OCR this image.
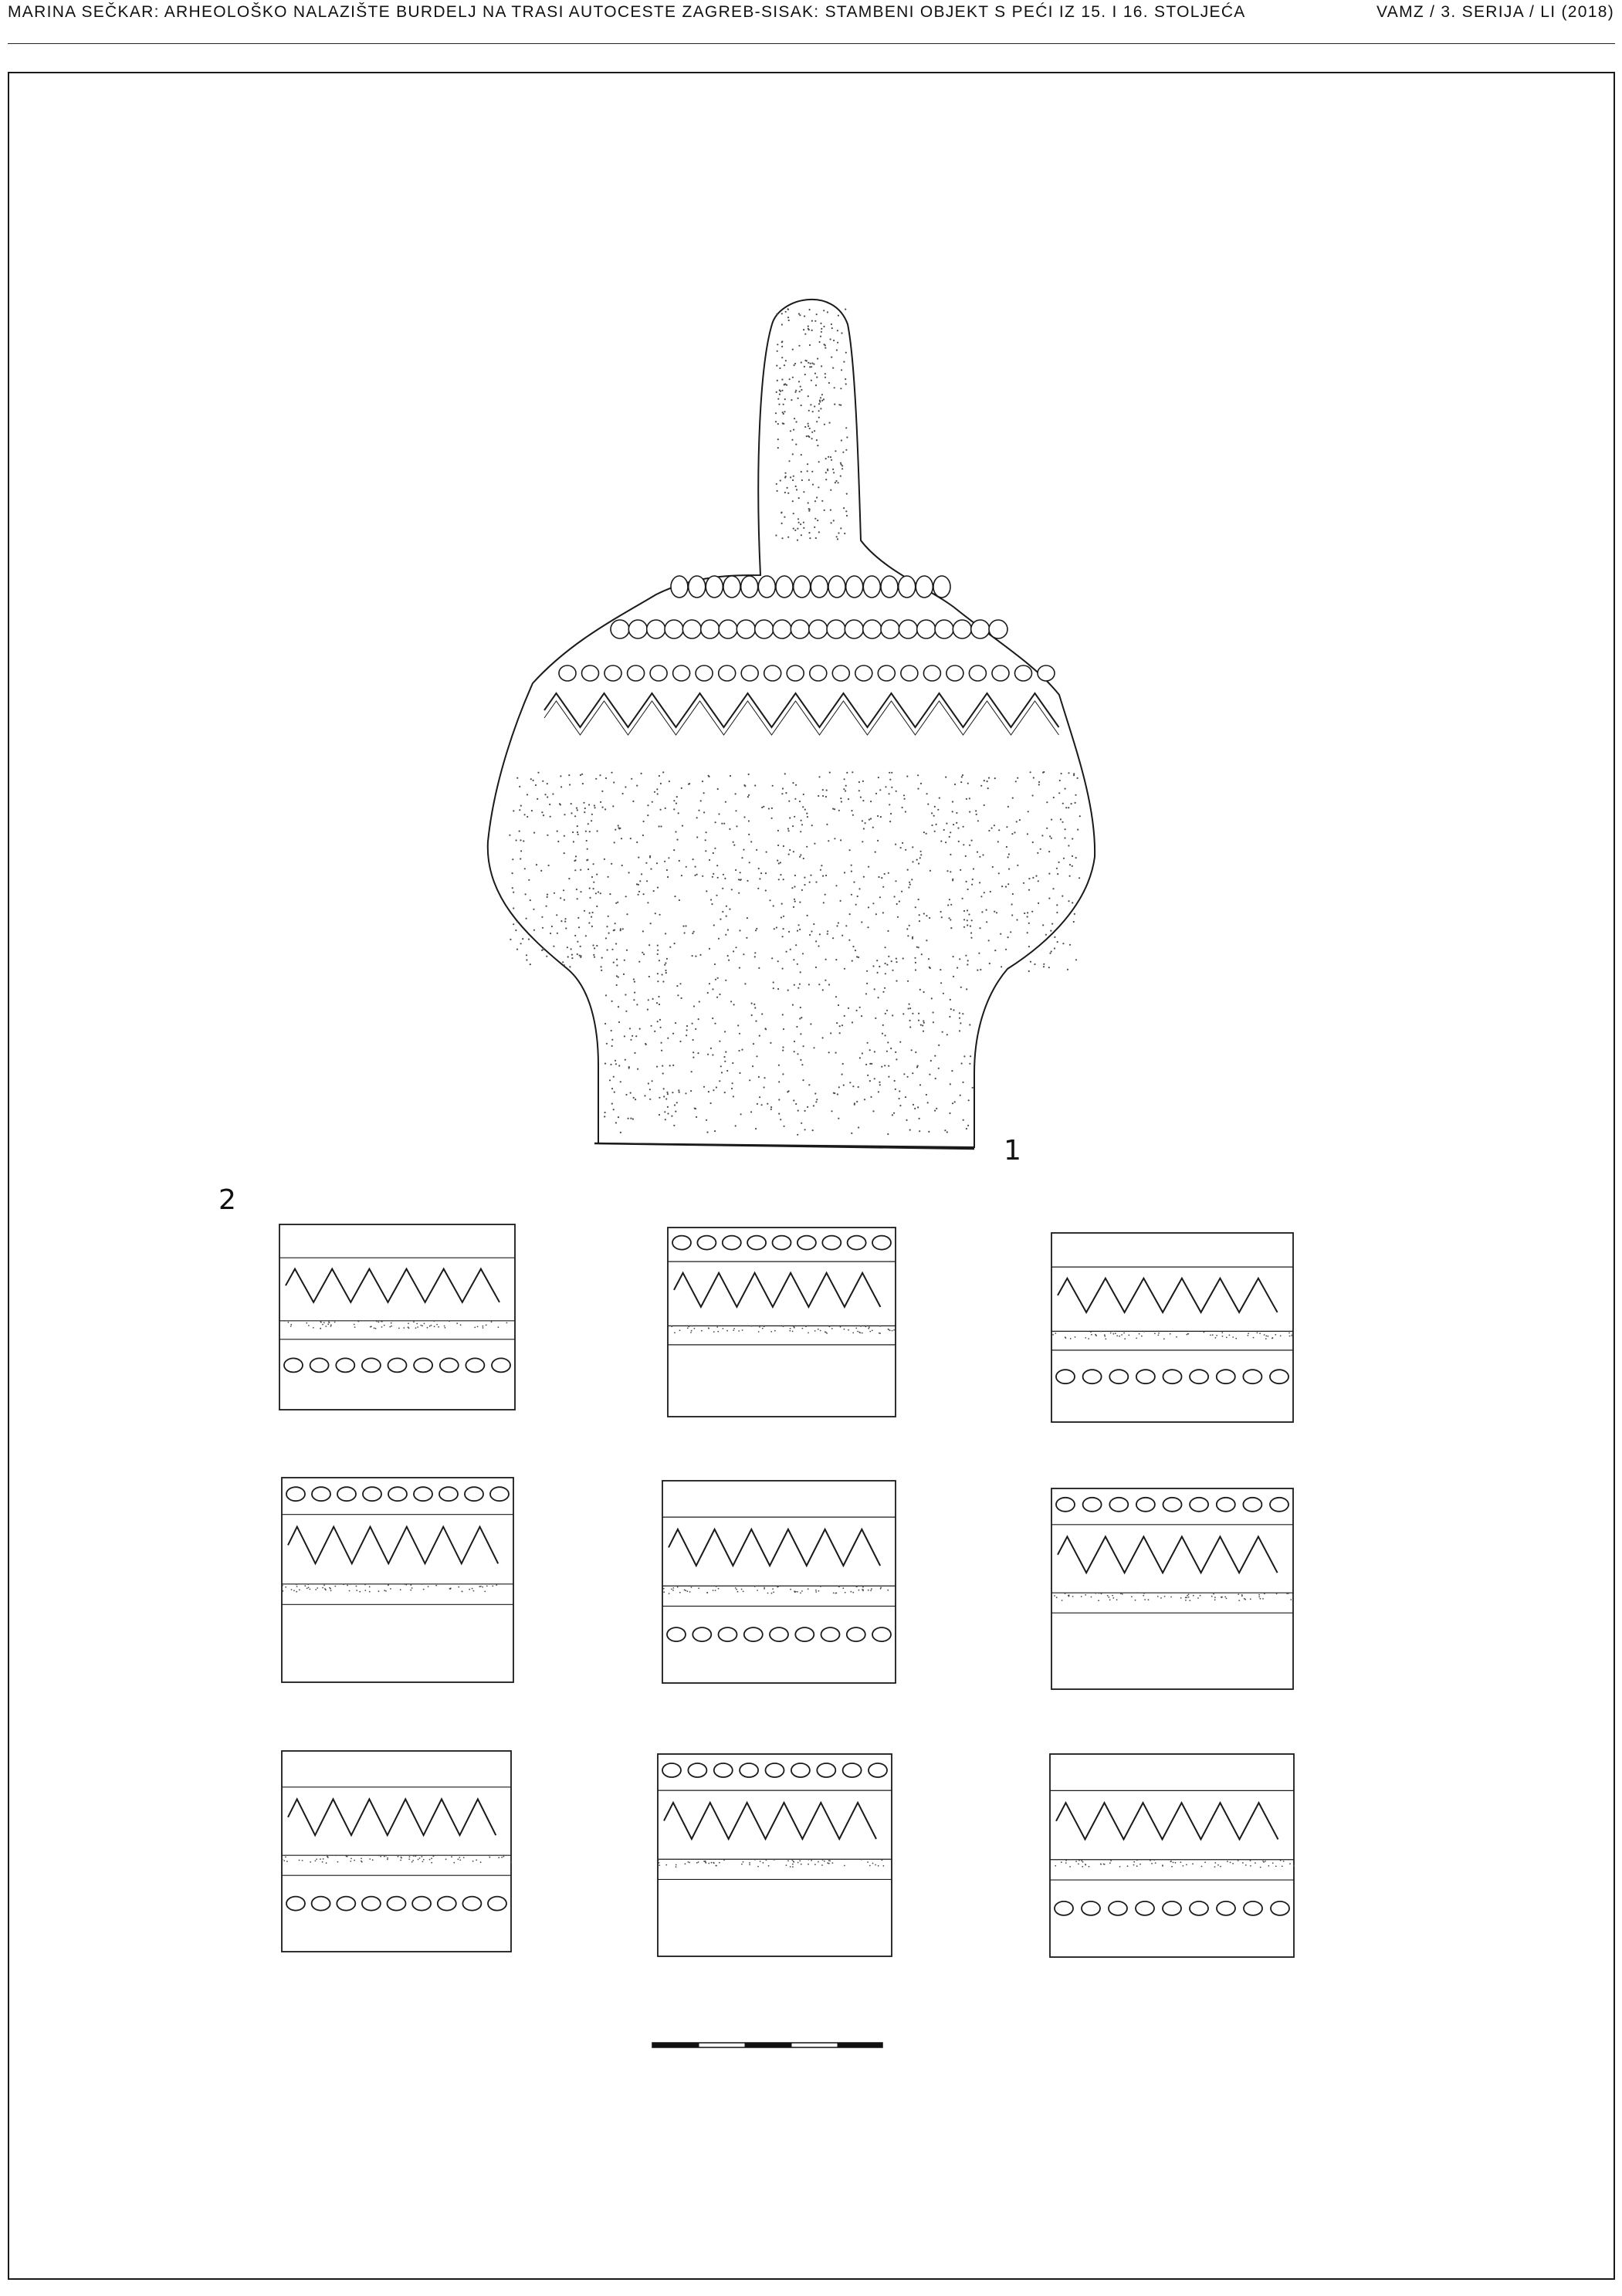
MARINA SEČKAR: ARHEOLOŠKO NALAZIŠTE BURDELJ NA TRASI AUTOCESTE ZAGREB-SISAK: STAMBENI OBJEKT S PEĆI IZ 15. I 16. STOLJEĆA	VAMZ / 3. SERIJA / LI (2018)
1
2
